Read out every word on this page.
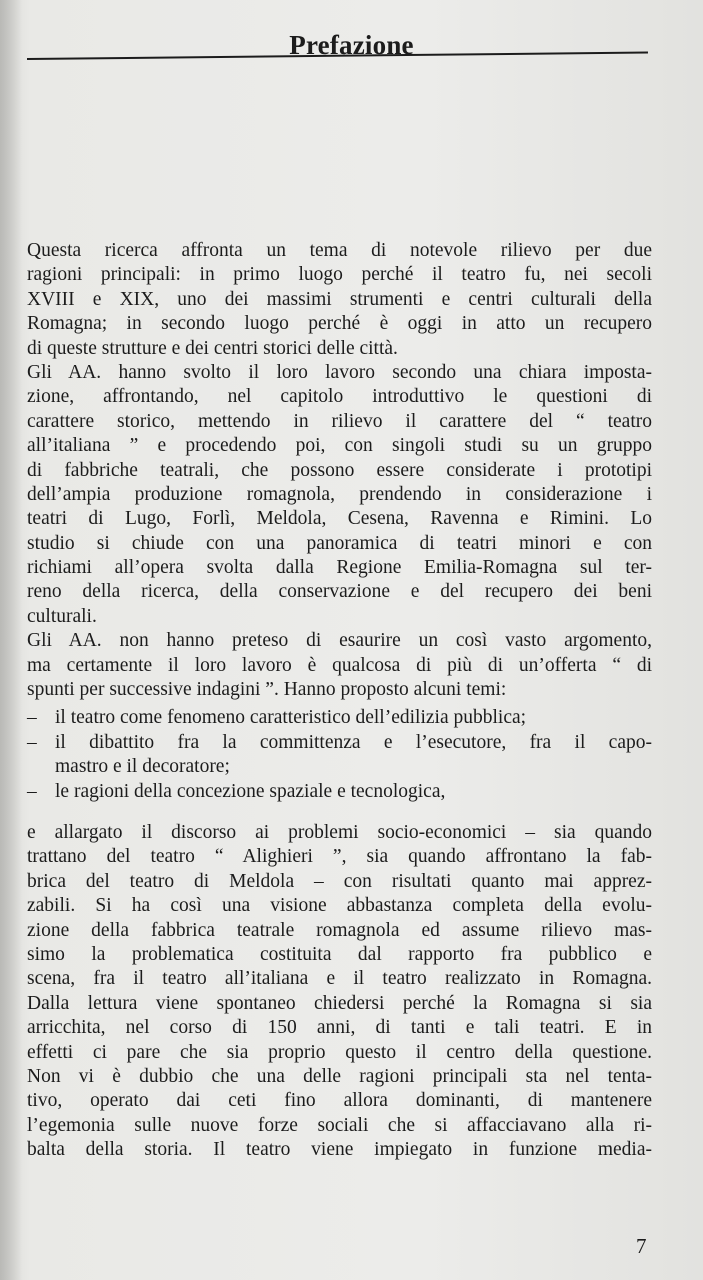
Prefazione
Questa ricerca affronta un tema di notevole rilievo per due
ragioni principali: in primo luogo perché il teatro fu, nei secoli
XVIII e XIX, uno dei massimi strumenti e centri culturali della
Romagna; in secondo luogo perché è oggi in atto un recupero
di queste strutture e dei centri storici delle città.
Gli AA. hanno svolto il loro lavoro secondo una chiara imposta-
zione, affrontando, nel capitolo introduttivo le questioni di
carattere storico, mettendo in rilievo il carattere del “ teatro
all’italiana ” e procedendo poi, con singoli studi su un gruppo
di fabbriche teatrali, che possono essere considerate i prototipi
dell’ampia produzione romagnola, prendendo in considerazione i
teatri di Lugo, Forlì, Meldola, Cesena, Ravenna e Rimini. Lo
studio si chiude con una panoramica di teatri minori e con
richiami all’opera svolta dalla Regione Emilia-Romagna sul ter-
reno della ricerca, della conservazione e del recupero dei beni
culturali.
Gli AA. non hanno preteso di esaurire un così vasto argomento,
ma certamente il loro lavoro è qualcosa di più di un’offerta “ di
spunti per successive indagini ”. Hanno proposto alcuni temi:
– il teatro come fenomeno caratteristico dell’edilizia pubblica;
– il dibattito fra la committenza e l’esecutore, fra il capo-
mastro e il decoratore;
– le ragioni della concezione spaziale e tecnologica,
e allargato il discorso ai problemi socio-economici – sia quando
trattano del teatro “ Alighieri ”, sia quando affrontano la fab-
brica del teatro di Meldola – con risultati quanto mai apprez-
zabili. Si ha così una visione abbastanza completa della evolu-
zione della fabbrica teatrale romagnola ed assume rilievo mas-
simo la problematica costituita dal rapporto fra pubblico e
scena, fra il teatro all’italiana e il teatro realizzato in Romagna.
Dalla lettura viene spontaneo chiedersi perché la Romagna si sia
arricchita, nel corso di 150 anni, di tanti e tali teatri. E in
effetti ci pare che sia proprio questo il centro della questione.
Non vi è dubbio che una delle ragioni principali sta nel tenta-
tivo, operato dai ceti fino allora dominanti, di mantenere
l’egemonia sulle nuove forze sociali che si affacciavano alla ri-
balta della storia. Il teatro viene impiegato in funzione media-
7
